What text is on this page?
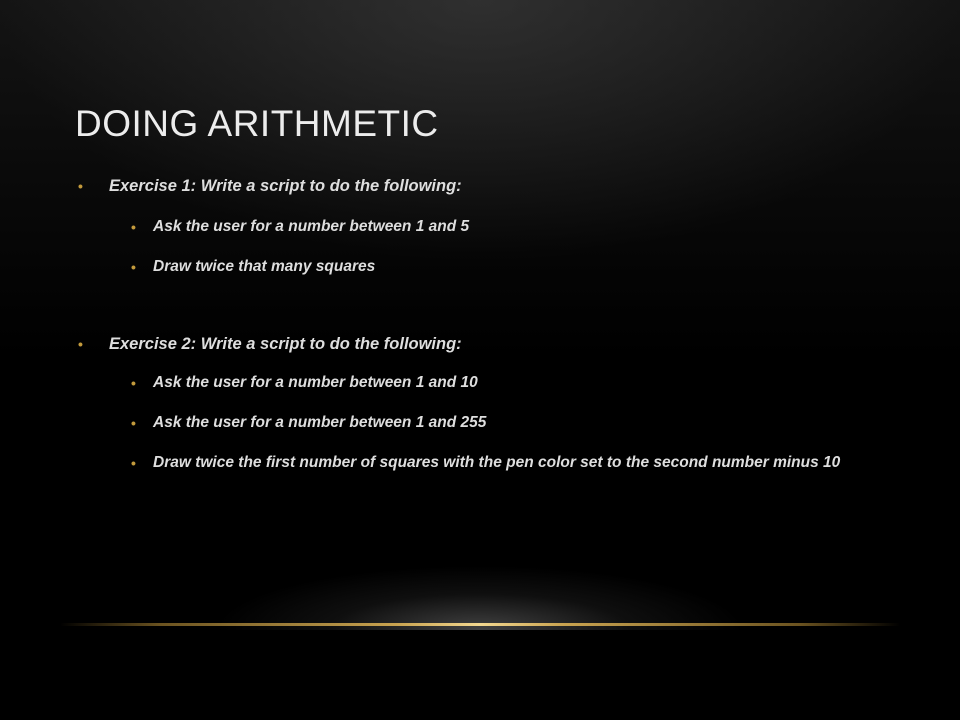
DOING ARITHMETIC
• Exercise 1: Write a script to do the following:
• Ask the user for a number between 1 and 5
• Draw twice that many squares
• Exercise 2: Write a script to do the following:
• Ask the user for a number between 1 and 10
• Ask the user for a number between 1 and 255
• Draw twice the first number of squares with the pen color set to the second number minus 10
